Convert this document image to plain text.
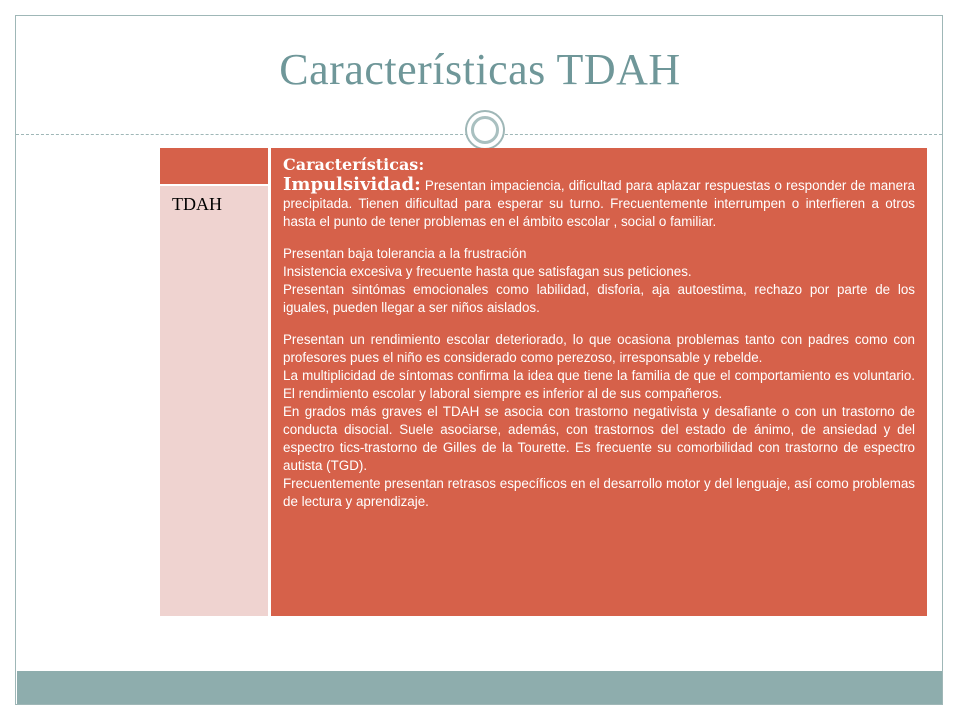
Características TDAH
TDAH
Características:

Impulsividad: Presentan impaciencia, dificultad para aplazar respuestas o responder de manera precipitada. Tienen dificultad para esperar su turno. Frecuentemente interrumpen o interfieren a otros hasta el punto de tener problemas en el ámbito escolar , social o familiar.

Presentan baja tolerancia a la frustración

Insistencia excesiva y frecuente hasta que satisfagan sus peticiones.

Presentan sintómas emocionales como labilidad, disforia, aja autoestima, rechazo por parte de los iguales, pueden llegar a ser niños aislados.

Presentan un rendimiento escolar deteriorado, lo que ocasiona problemas tanto con padres como con profesores pues el niño es considerado como perezoso, irresponsable y rebelde.

La multiplicidad de síntomas confirma la idea que tiene la familia de que el comportamiento es voluntario. El rendimiento escolar y laboral siempre es inferior al de sus compañeros.

En grados más graves el TDAH se asocia con trastorno negativista y desafiante o con un trastorno de conducta disocial. Suele asociarse, además, con trastornos del estado de ánimo, de ansiedad y del espectro tics-trastorno de Gilles de la Tourette. Es frecuente su comorbilidad con trastorno de espectro autista (TGD).

Frecuentemente presentan retrasos específicos en el desarrollo motor y del lenguaje, así como problemas de lectura y aprendizaje.
